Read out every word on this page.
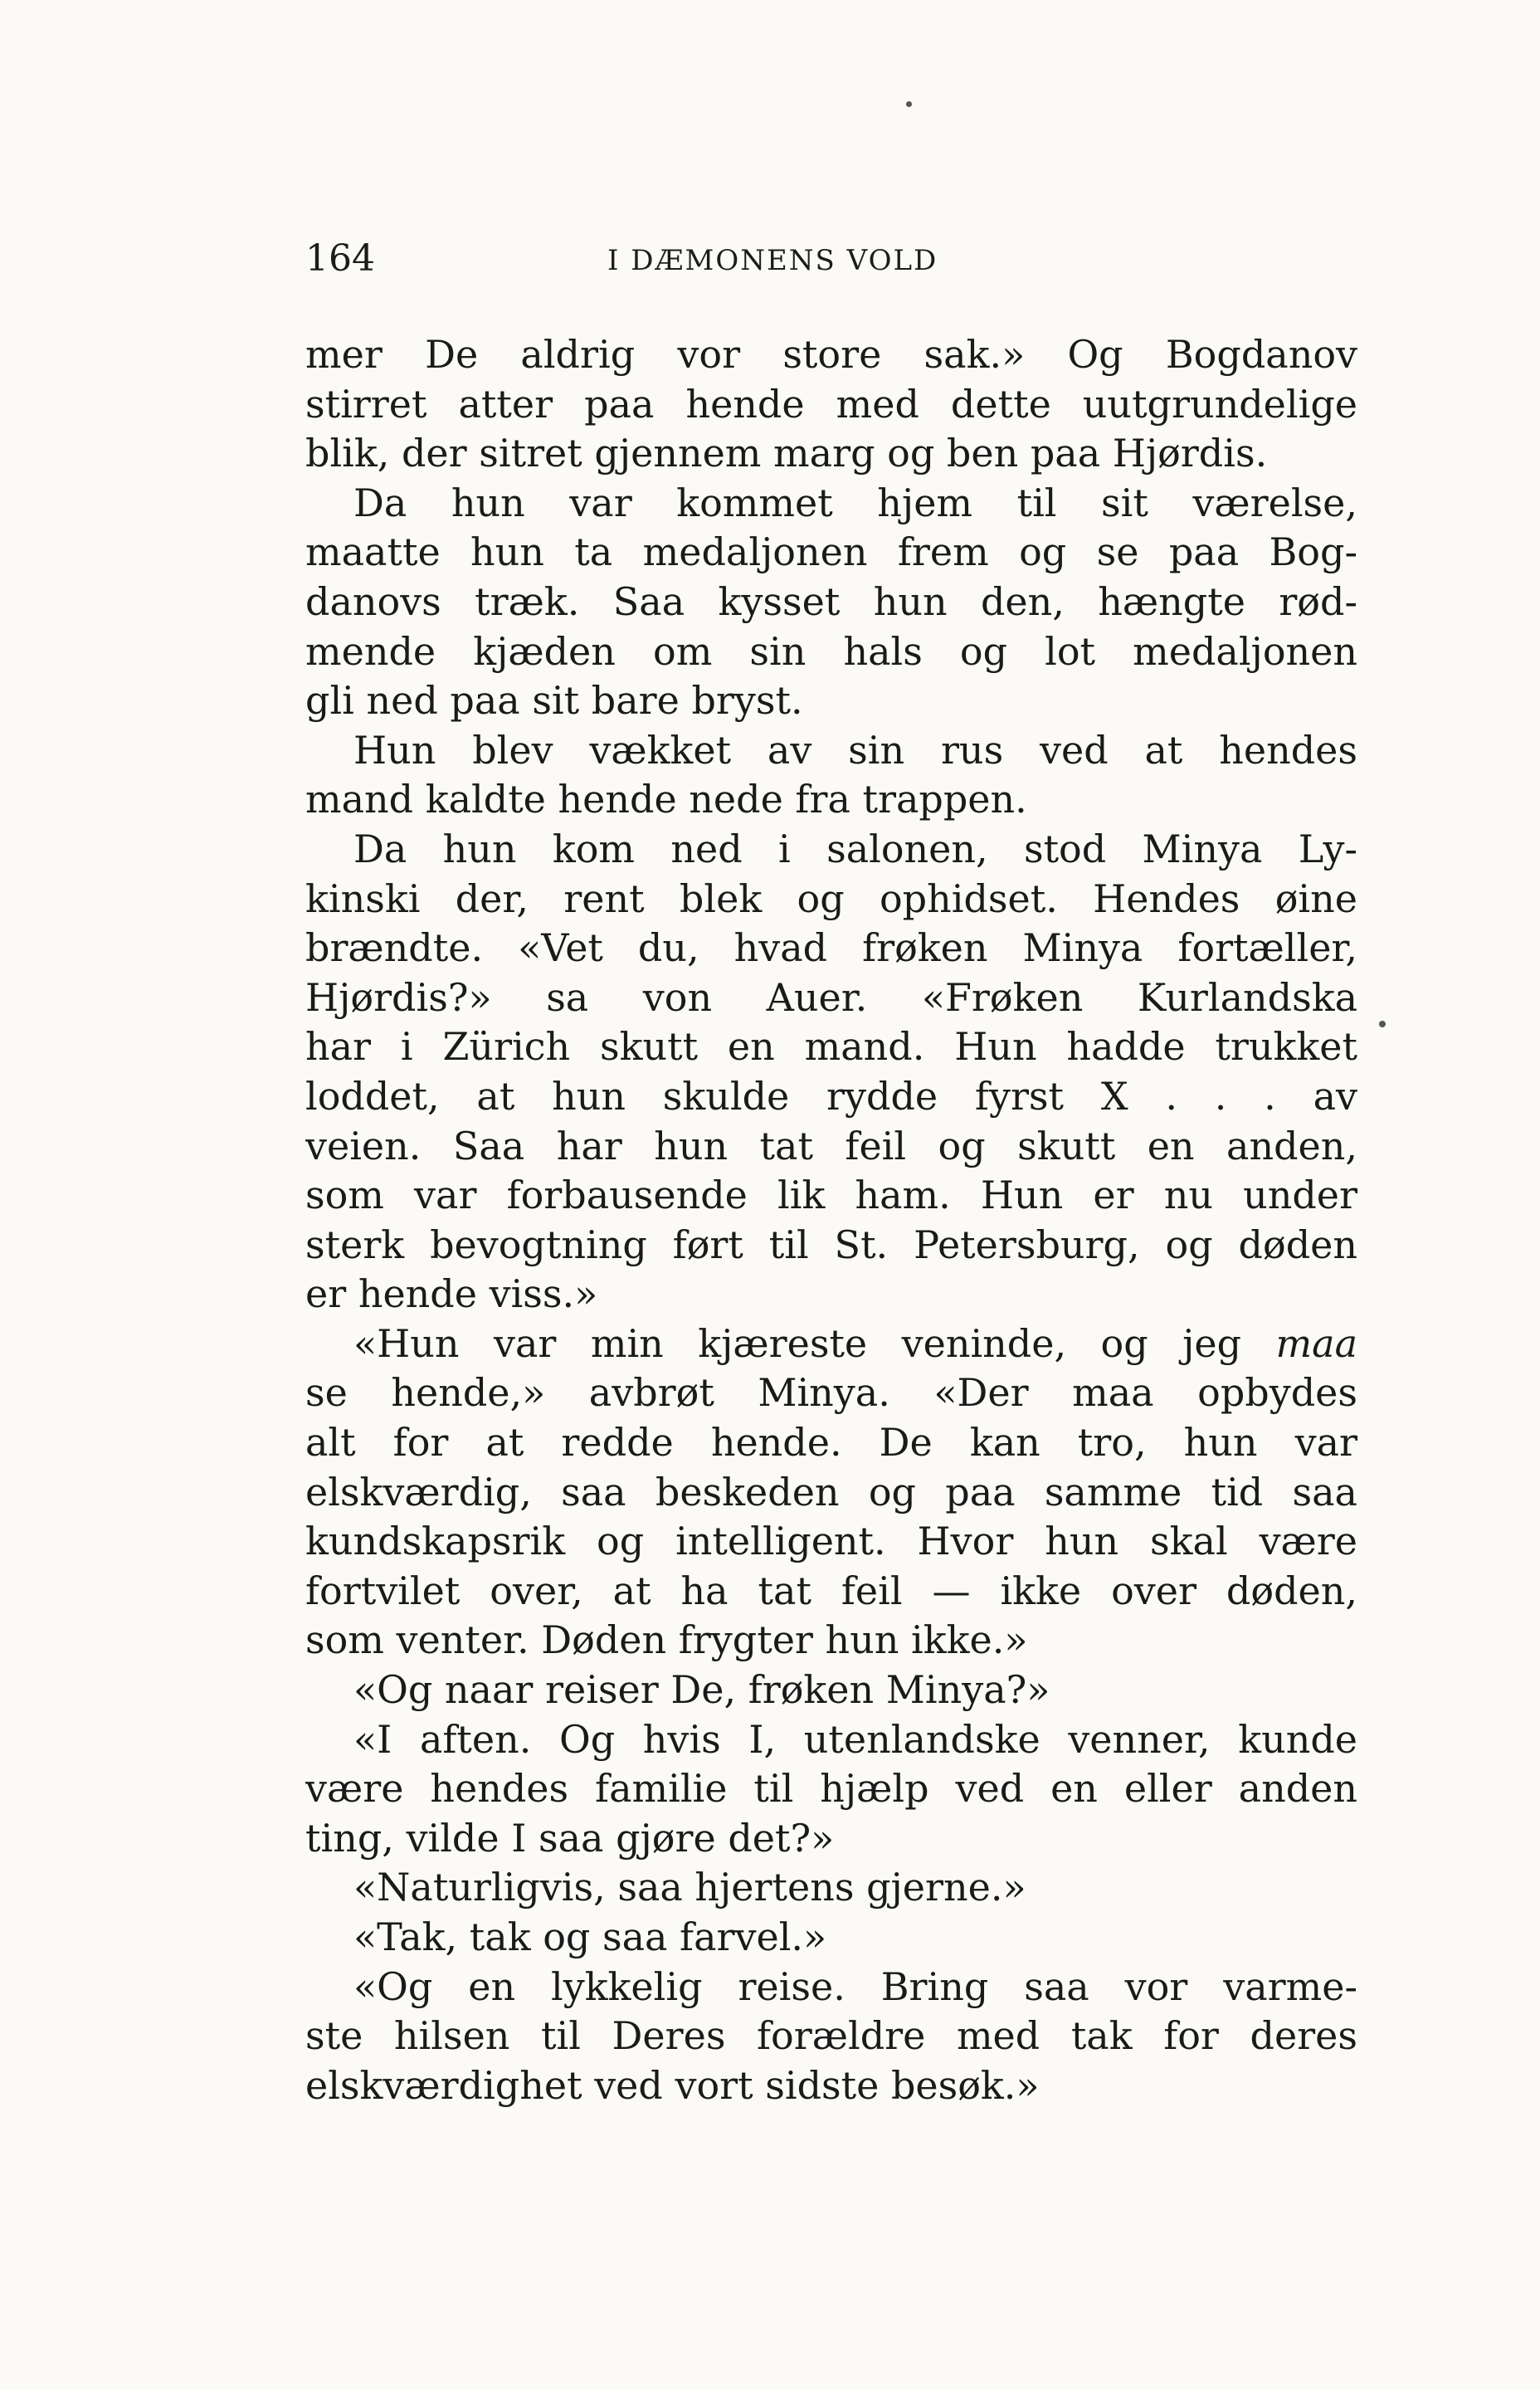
164	I DÆMONENS VOLD
mer De aldrig vor store sak.» Og Bogdanov
stirret atter paa hende med dette uutgrundelige
blik, der sitret gjennem marg og ben paa Hjørdis.
Da hun var kommet hjem til sit værelse,
maatte hun ta medaljonen frem og se paa Bog-
danovs træk. Saa kysset hun den, hængte rød-
mende kjæden om sin hals og lot medaljonen
gli ned paa sit bare bryst.
Hun blev vækket av sin rus ved at hendes
mand kaldte hende nede fra trappen.
Da hun kom ned i salonen, stod Minya Ly-
kinski der, rent blek og ophidset. Hendes øine
brændte. «Vet du, hvad frøken Minya fortæller,
Hjørdis?» sa von Auer. «Frøken Kurlandska
har i Zürich skutt en mand. Hun hadde trukket
loddet, at hun skulde rydde fyrst X . . . av
veien. Saa har hun tat feil og skutt en anden,
som var forbausende lik ham. Hun er nu under
sterk bevogtning ført til St. Petersburg, og døden
er hende viss.»
«Hun var min kjæreste veninde, og jeg maa
se hende,» avbrøt Minya. «Der maa opbydes
alt for at redde hende. De kan tro, hun var
elskværdig, saa beskeden og paa samme tid saa
kundskapsrik og intelligent. Hvor hun skal være
fortvilet over, at ha tat feil — ikke over døden,
som venter. Døden frygter hun ikke.»
«Og naar reiser De, frøken Minya?»
«I aften. Og hvis I, utenlandske venner, kunde
være hendes familie til hjælp ved en eller anden
ting, vilde I saa gjøre det?»
«Naturligvis, saa hjertens gjerne.»
«Tak, tak og saa farvel.»
«Og en lykkelig reise. Bring saa vor varme-
ste hilsen til Deres forældre med tak for deres
elskværdighet ved vort sidste besøk.»
